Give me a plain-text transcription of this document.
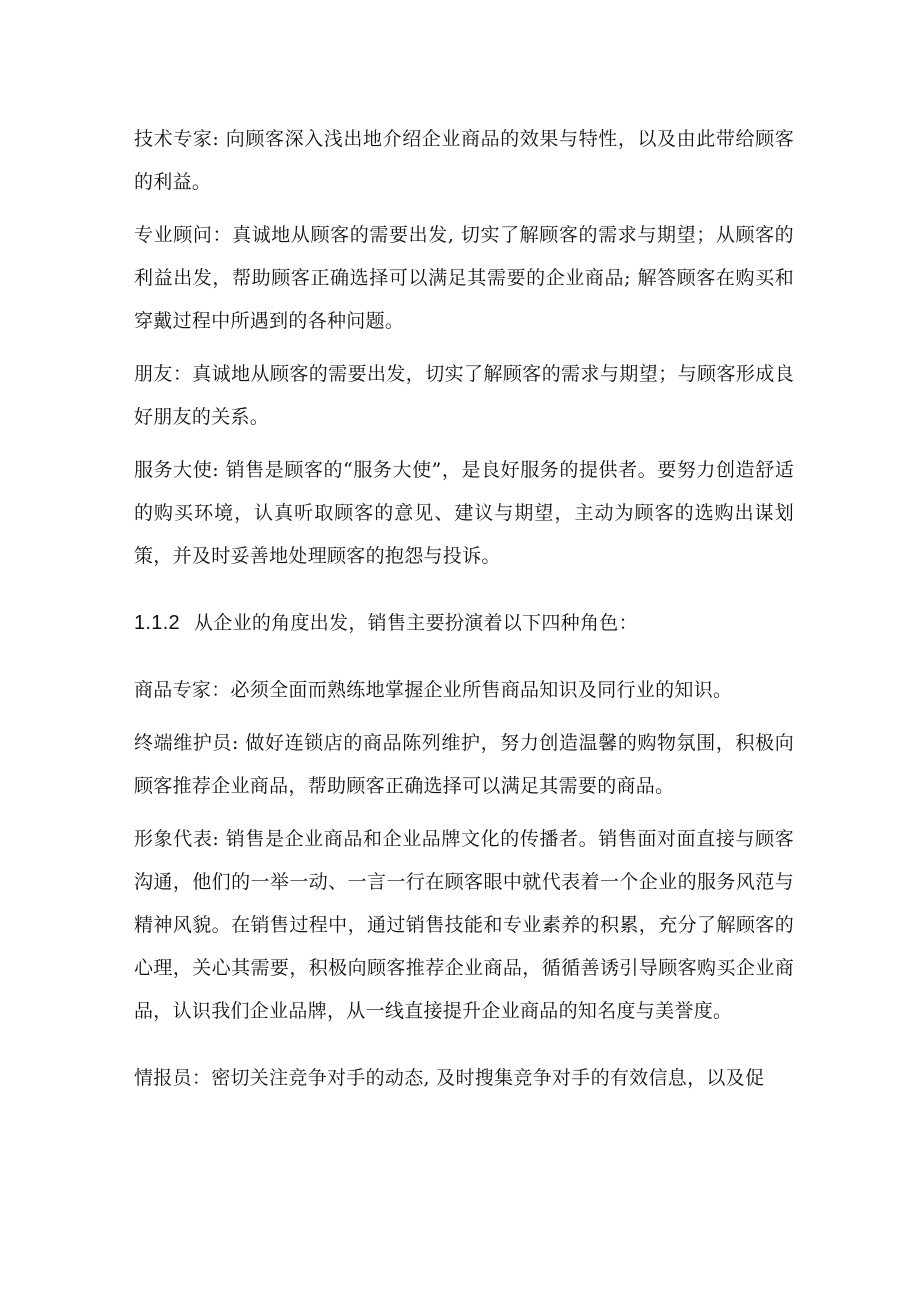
技术专家: 向顾客深入浅出地介绍企业商品的效果与特性，以及由此带给顾客的利益。

专业顾问：真诚地从顾客的需要出发, 切实了解顾客的需求与期望；从顾客的利益出发，帮助顾客正确选择可以满足其需要的企业商品; 解答顾客在购买和穿戴过程中所遇到的各种问题。

朋友：真诚地从顾客的需要出发，切实了解顾客的需求与期望；与顾客形成良好朋友的关系。

服务大使: 销售是顾客的“服务大使”，是良好服务的提供者。要努力创造舒适的购买环境，认真听取顾客的意见、建议与期望，主动为顾客的选购出谋划策，并及时妥善地处理顾客的抱怨与投诉。

1.1.2 从企业的角度出发，销售主要扮演着以下四种角色：

商品专家：必须全面而熟练地掌握企业所售商品知识及同行业的知识。

终端维护员: 做好连锁店的商品陈列维护，努力创造温馨的购物氛围，积极向顾客推荐企业商品，帮助顾客正确选择可以满足其需要的商品。

形象代表: 销售是企业商品和企业品牌文化的传播者。销售面对面直接与顾客沟通，他们的一举一动、一言一行在顾客眼中就代表着一个企业的服务风范与精神风貌。在销售过程中，通过销售技能和专业素养的积累，充分了解顾客的心理，关心其需要，积极向顾客推荐企业商品，循循善诱引导顾客购买企业商品，认识我们企业品牌，从一线直接提升企业商品的知名度与美誉度。

情报员：密切关注竞争对手的动态, 及时搜集竞争对手的有效信息，以及促
